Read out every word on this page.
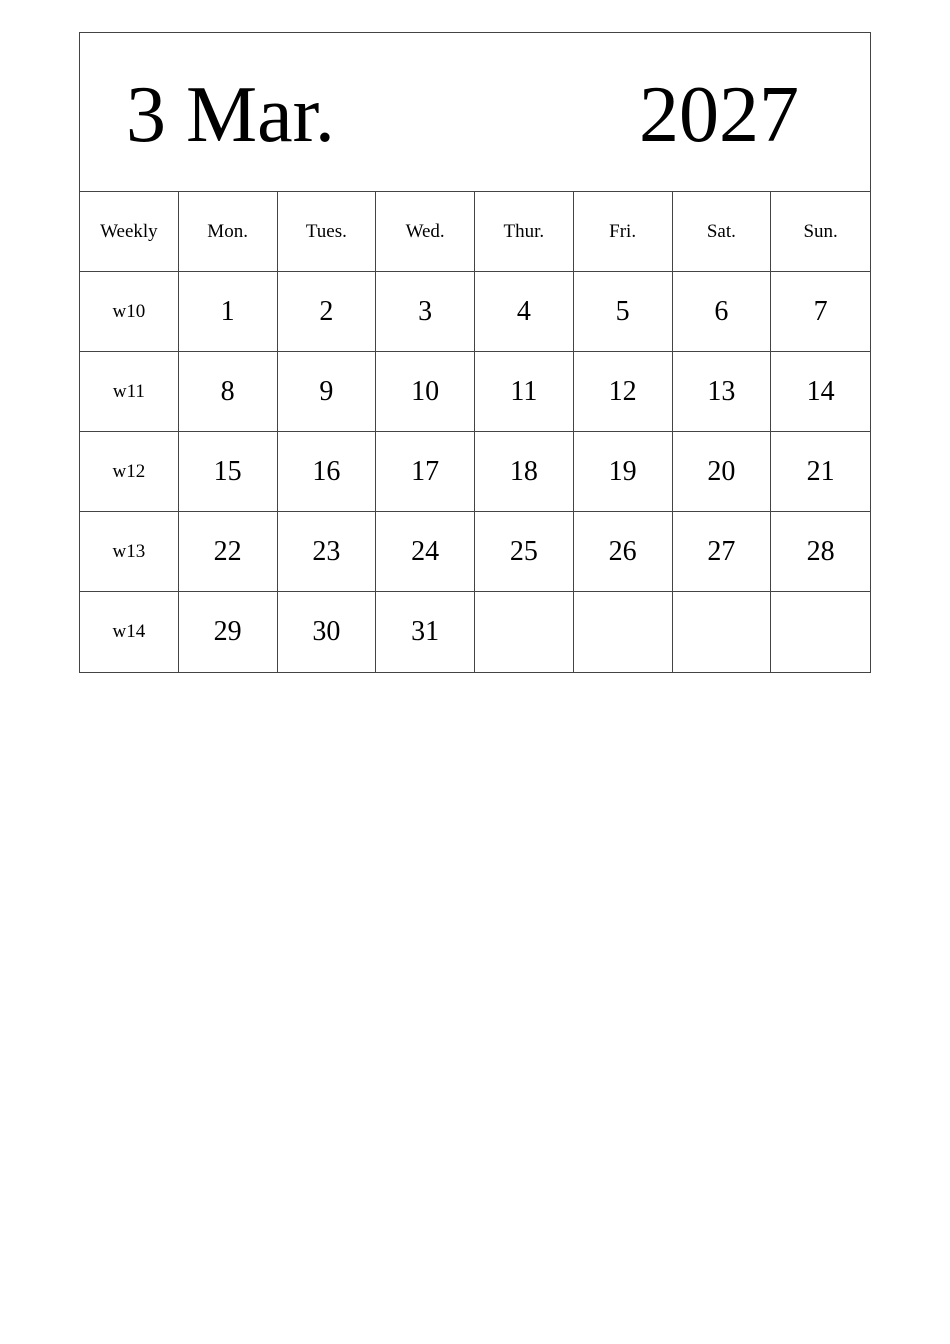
3 Mar.	2027
Weekly	Mon.	Tues.	Wed.	Thur.	Fri.	Sat.	Sun.
w10	1	2	3	4	5	6	7
w11	8	9	10	11	12	13	14
w12	15	16	17	18	19	20	21
w13	22	23	24	25	26	27	28
w14	29	30	31
